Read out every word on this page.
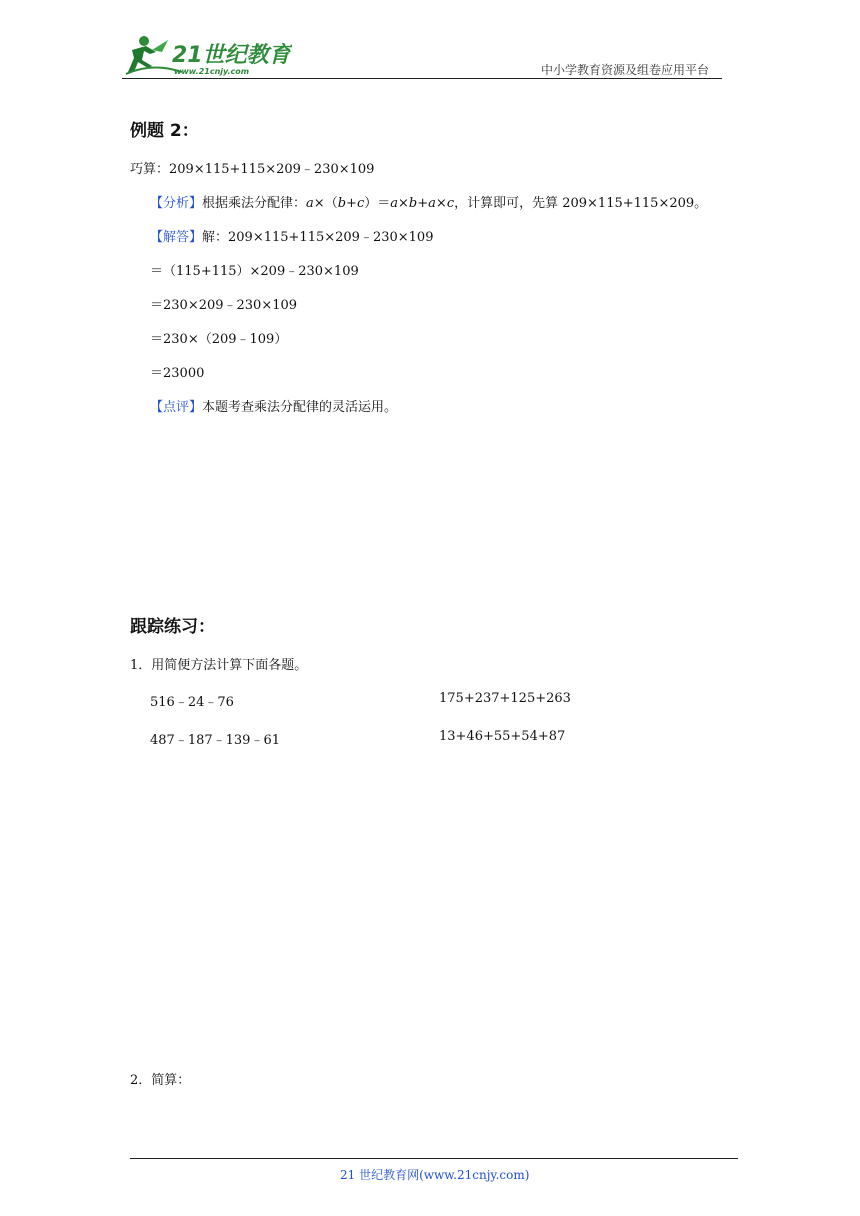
21世纪教育
www.21cnjy.com	中小学教育资源及组卷应用平台
例题 2：
巧算：209×115+115×209﹣230×109
【分析】根据乘法分配律：a×（b+c）＝a×b+a×c，计算即可，先算 209×115+115×209。
【解答】解：209×115+115×209﹣230×109
＝（115+115）×209﹣230×109
＝230×209﹣230×109
＝230×（209﹣109）
＝23000
【点评】本题考查乘法分配律的灵活运用。
跟踪练习：
1．用简便方法计算下面各题。
516﹣24﹣76	175+237+125+263
487﹣187﹣139﹣61	13+46+55+54+87
2．简算：
21 世纪教育网(www.21cnjy.com)
